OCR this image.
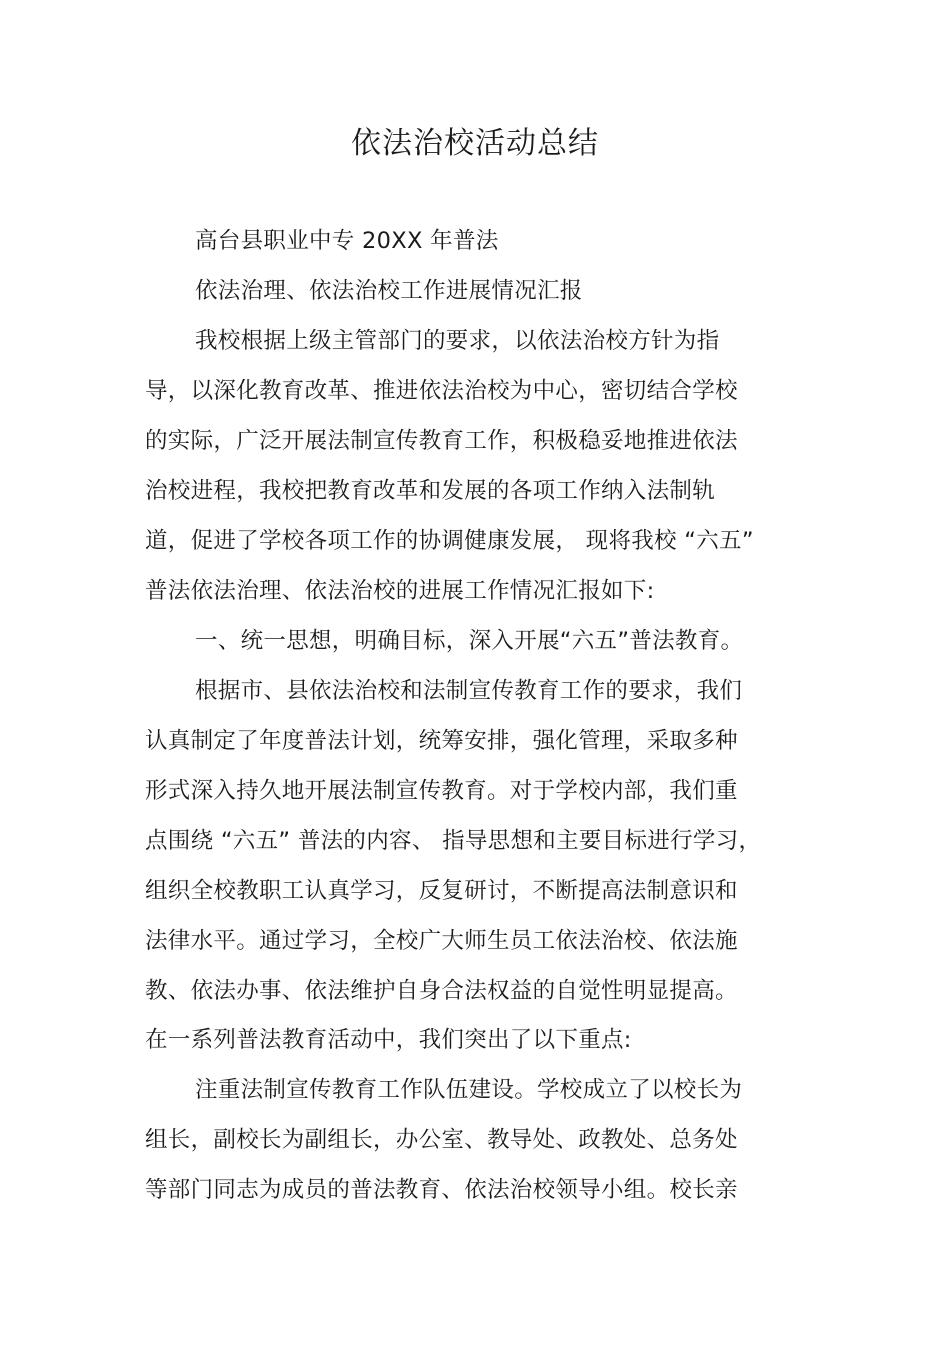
依法治校活动总结
高台县职业中专 20XX 年普法
依法治理、依法治校工作进展情况汇报
我校根据上级主管部门的要求，以依法治校方针为指
导，以深化教育改革、推进依法治校为中心，密切结合学校
的实际，广泛开展法制宣传教育工作，积极稳妥地推进依法
治校进程，我校把教育改革和发展的各项工作纳入法制轨
道，促进了学校各项工作的协调健康发展， 现将我校 “六五”
普法依法治理、依法治校的进展工作情况汇报如下:
一、统一思想，明确目标，深入开展“六五”普法教育。
根据市、县依法治校和法制宣传教育工作的要求，我们
认真制定了年度普法计划，统筹安排，强化管理，采取多种
形式深入持久地开展法制宣传教育。对于学校内部，我们重
点围绕 “六五” 普法的内容、 指导思想和主要目标进行学习，
组织全校教职工认真学习，反复研讨，不断提高法制意识和
法律水平。通过学习，全校广大师生员工依法治校、依法施
教、依法办事、依法维护自身合法权益的自觉性明显提高。
在一系列普法教育活动中，我们突出了以下重点:
注重法制宣传教育工作队伍建设。学校成立了以校长为
组长，副校长为副组长，办公室、教导处、政教处、总务处
等部门同志为成员的普法教育、依法治校领导小组。校长亲
